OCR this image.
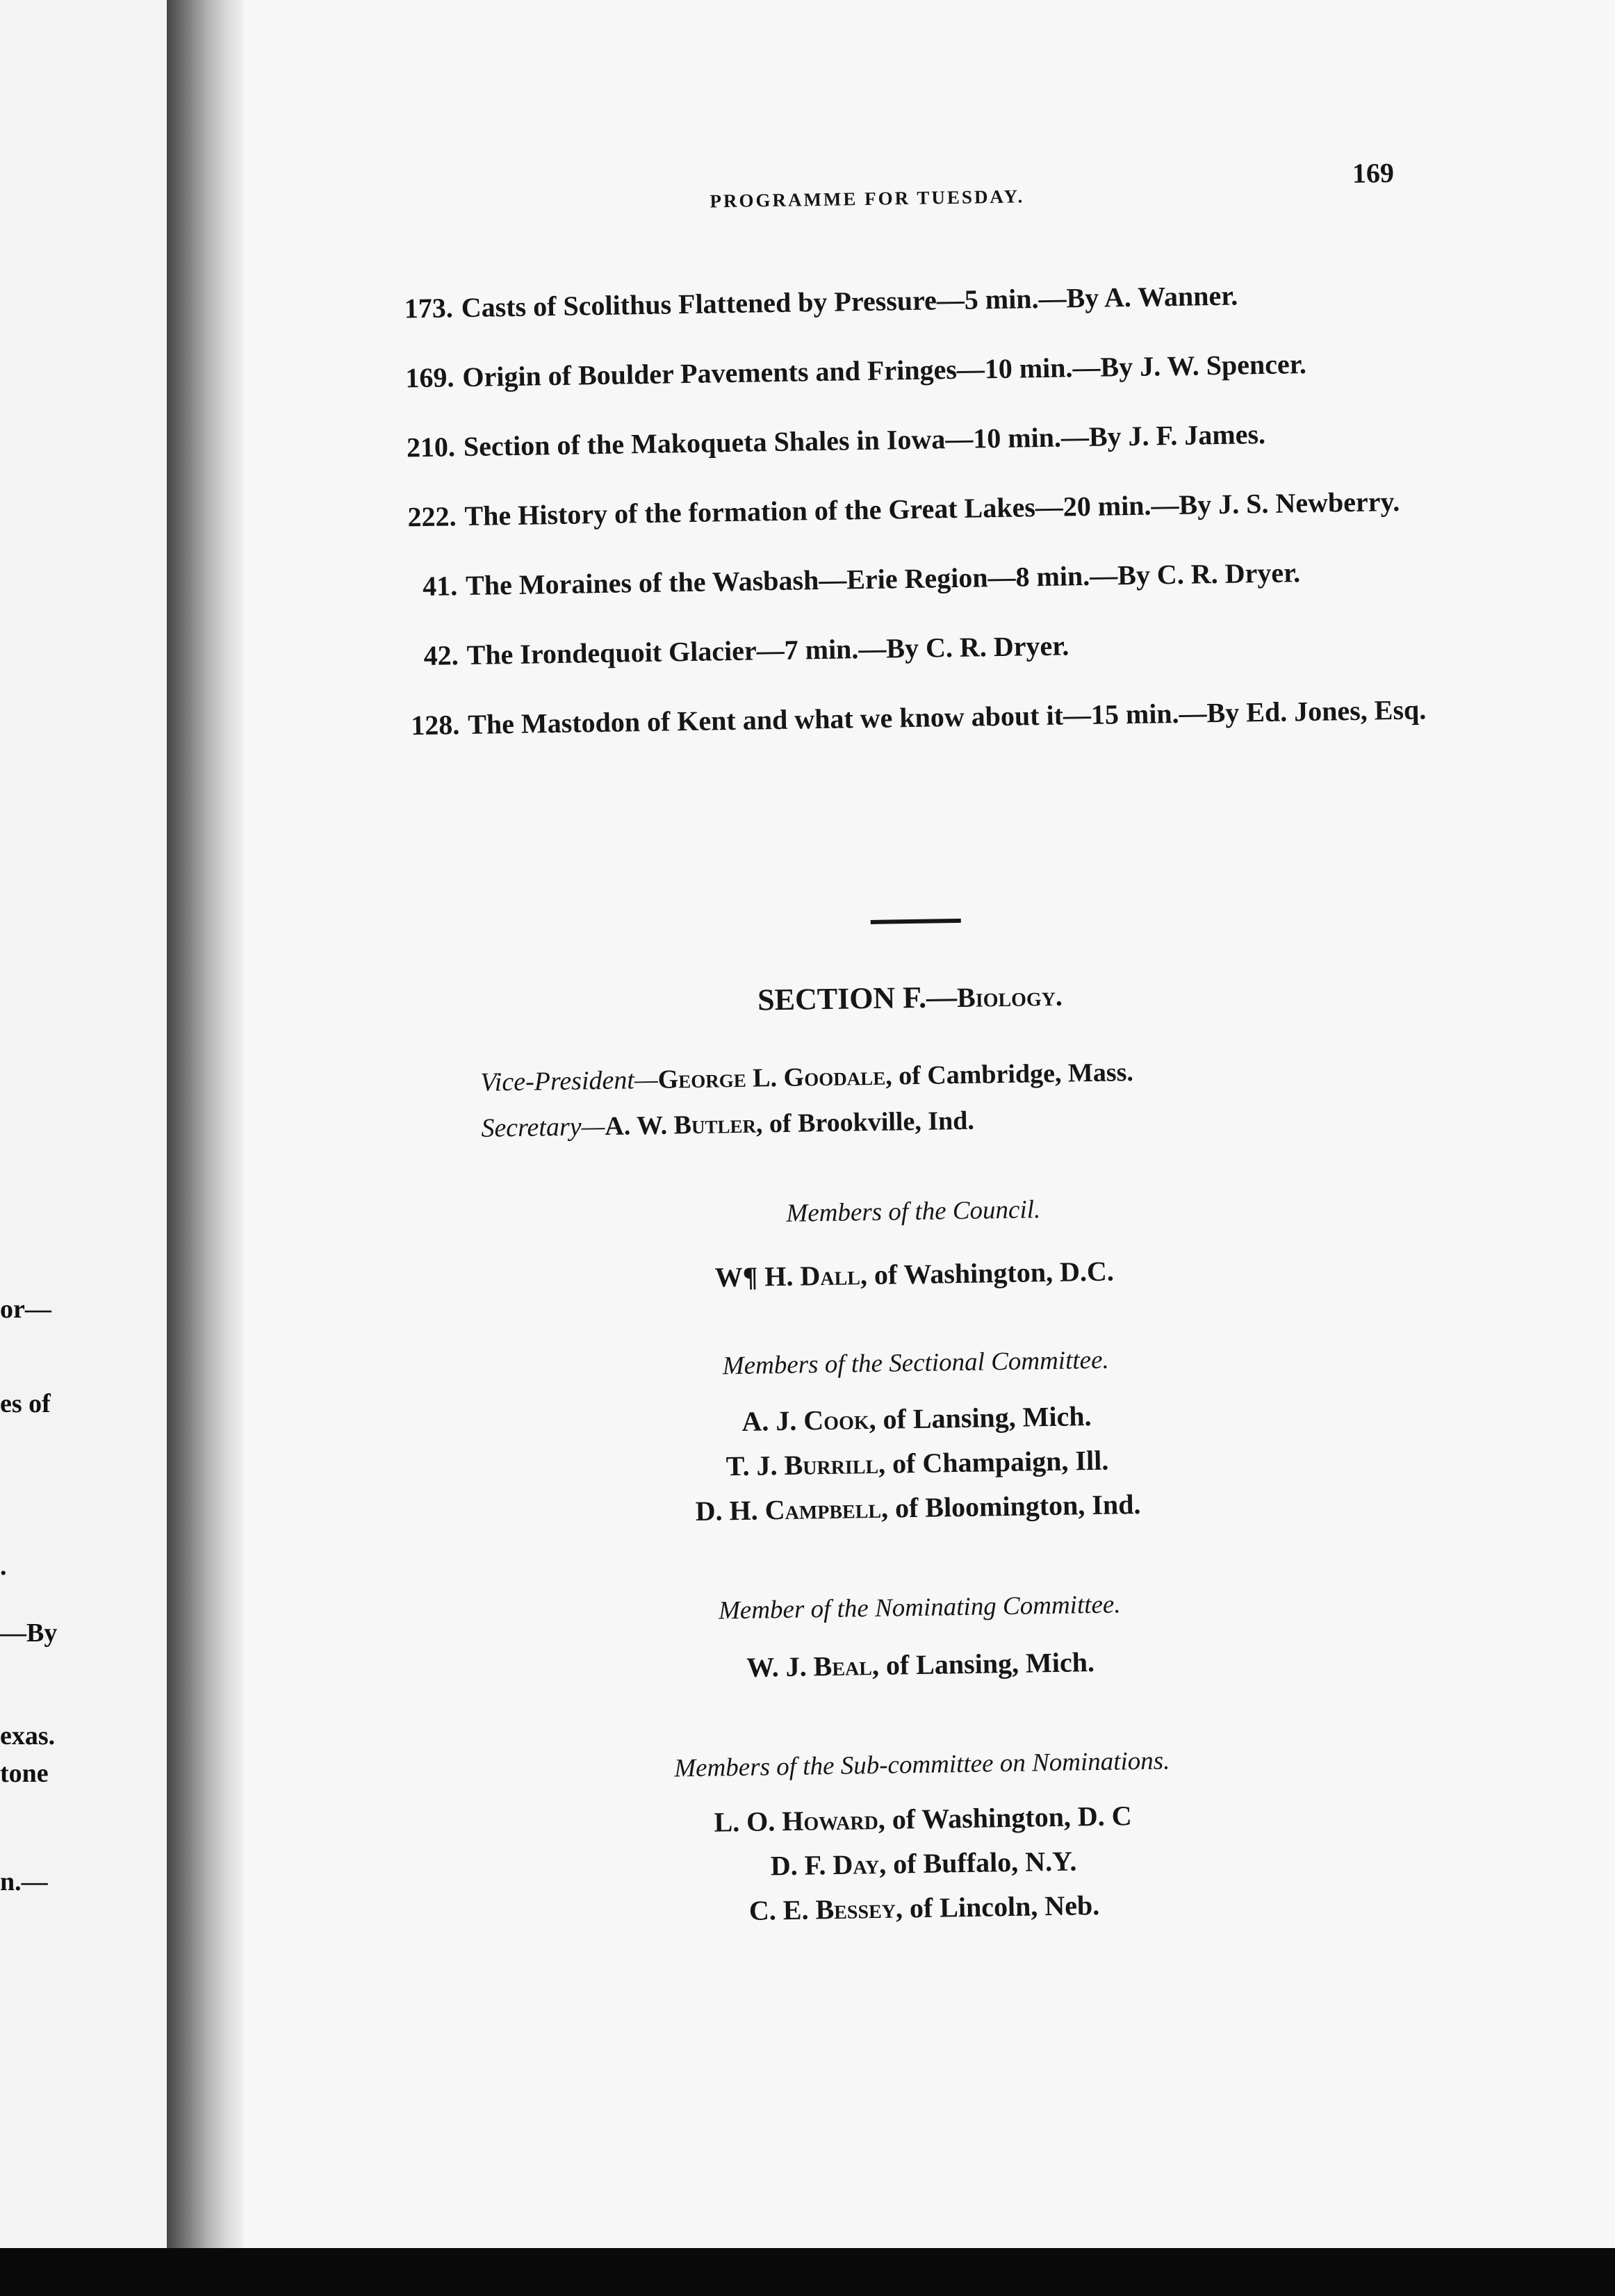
or—
es of
.
—By
exas.
tone
n.—
PROGRAMME FOR TUESDAY.
169
173. Casts of Scolithus Flattened by Pressure—5 min.—By A. Wanner.
169. Origin of Boulder Pavements and Fringes—10 min.—By J. W. Spencer.
210. Section of the Makoqueta Shales in Iowa—10 min.—By J. F. James.
222. The History of the formation of the Great Lakes—20 min.—By J. S. Newberry.
41. The Moraines of the Wasbash—Erie Region—8 min.—By C. R. Dryer.
42. The Irondequoit Glacier—7 min.—By C. R. Dryer.
128. The Mastodon of Kent and what we know about it—15 min.—By Ed. Jones, Esq.
SECTION F.—Biology.
Vice-President—George L. Goodale, of Cambridge, Mass.
Secretary—A. W. Butler, of Brookville, Ind.
Members of the Council.
W¶ H. Dall, of Washington, D.C.
Members of the Sectional Committee.
A. J. Cook, of Lansing, Mich.
T. J. Burrill, of Champaign, Ill.
D. H. Campbell, of Bloomington, Ind.
Member of the Nominating Committee.
W. J. Beal, of Lansing, Mich.
Members of the Sub-committee on Nominations.
L. O. Howard, of Washington, D. C
D. F. Day, of Buffalo, N.Y.
C. E. Bessey, of Lincoln, Neb.
